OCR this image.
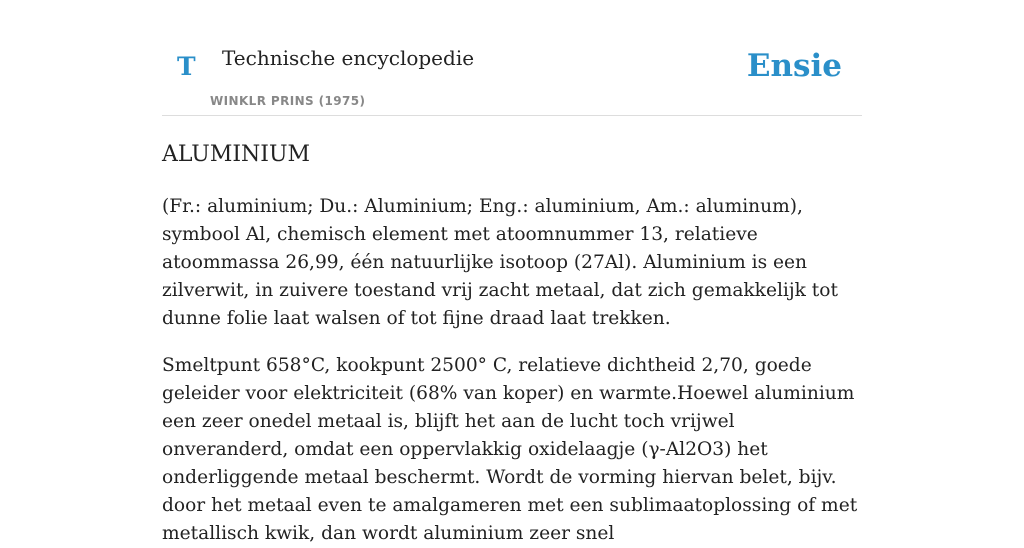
T Technische encyclopedie
WINKLR PRINS (1975)
Ensie
ALUMINIUM

(Fr.: aluminium; Du.: Aluminium; Eng.: aluminium, Am.: aluminum), symbool Al, chemisch element met atoomnummer 13, relatieve atoommassa 26,99, één natuurlijke isotoop (27Al). Aluminium is een zilverwit, in zuivere toestand vrij zacht metaal, dat zich gemakkelijk tot dunne folie laat walsen of tot fijne draad laat trekken.

Smeltpunt 658°C, kookpunt 2500° C, relatieve dichtheid 2,70, goede geleider voor elektriciteit (68% van koper) en warmte.Hoewel aluminium een zeer onedel metaal is, blijft het aan de lucht toch vrijwel onveranderd, omdat een oppervlakkig oxidelaagje (γ-Al2O3) het onderliggende metaal beschermt. Wordt de vorming hiervan belet, bijv. door het metaal even te amalgameren met een sublimaatoplossing of met metallisch kwik, dan wordt aluminium zeer snel
